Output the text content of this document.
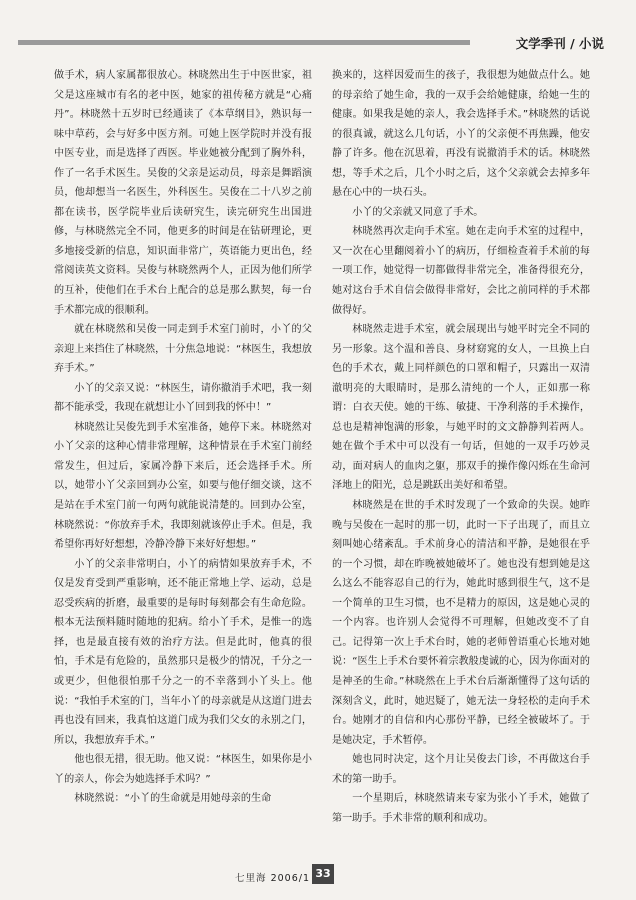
文学季刊 / 小说

做手术，病人家属都很放心。林晓然出生于中医世家，祖父是这座城市有名的老中医，她家的祖传秘方就是“心痛丹”。林晓然十五岁时已经通读了《本草纲目》，熟识每一味中草药，会与好多中医方剂。可她上医学院时并没有报中医专业，而是选择了西医。毕业她被分配到了胸外科，作了一名手术医生。吴俊的父亲是运动员，母亲是舞蹈演员，他却想当一名医生，外科医生。吴俊在二十八岁之前都在读书，医学院毕业后读研究生，读完研究生出国进修，与林晓然完全不同，他更多的时间是在钻研理论，更多地接受新的信息，知识面非常广，英语能力更出色，经常阅读英文资料。吴俊与林晓然两个人，正因为他们所学的互补，使他们在手术台上配合的总是那么默契，每一台手术都完成的很顺利。

就在林晓然和吴俊一同走到手术室门前时，小丫的父亲迎上来挡住了林晓然，十分焦急地说：“林医生，我想放弃手术。”

小丫的父亲又说：“林医生，请你撤消手术吧，我一刻都不能承受，我现在就想让小丫回到我的怀中！”

林晓然让吴俊先到手术室准备，她停下来。林晓然对小丫父亲的这种心情非常理解，这种情景在手术室门前经常发生，但过后，家属冷静下来后，还会选择手术。所以，她带小丫父亲回到办公室，如要与他仔细交谈，这不是站在手术室门前一句两句就能说清楚的。回到办公室，林晓然说：“你放弃手术，我即刻就该停止手术。但是，我希望你再好好想想，冷静冷静下来好好想想。”

小丫的父亲非常明白，小丫的病情如果放弃手术，不仅是发育受到严重影响，还不能正常地上学、运动，总是忍受疾病的折磨，最重要的是每时每刻都会有生命危险。根本无法预料随时随地的犯病。给小丫手术，是惟一的选择，也是最直接有效的治疗方法。但是此时，他真的很怕，手术是有危险的，虽然那只是极少的情况，千分之一或更少，但他很怕那千分之一的不幸落到小丫头上。他说：“我怕手术室的门，当年小丫的母亲就是从这道门进去再也没有回来，我真怕这道门成为我们父女的永别之门，所以，我想放弃手术。”

他也很无措，很无助。他又说：“林医生，如果你是小丫的亲人，你会为她选择手术吗？”

林晓然说：“小丫的生命就是用她母亲的生命

换来的，这样因爱而生的孩子，我很想为她做点什么。她的母亲给了她生命，我的一双手会给她健康，给她一生的健康。如果我是她的亲人，我会选择手术。”林晓然的话说的很真诚，就这么几句话，小丫的父亲便不再焦躁，他安静了许多。他在沉思着，再没有说撤消手术的话。林晓然想，等手术之后，几个小时之后，这个父亲就会去掉多年悬在心中的一块石头。

小丫的父亲就又同意了手术。

林晓然再次走向手术室。她在走向手术室的过程中，又一次在心里翻阅着小丫的病历，仔细检查着手术前的每一项工作，她觉得一切都做得非常完全，准备得很充分，她对这台手术自信会做得非常好，会比之前同样的手术都做得好。

林晓然走进手术室，就会展现出与她平时完全不同的另一形象。这个温和善良、身材窈窕的女人，一旦换上白色的手术衣，戴上同样颜色的口罩和帽子，只露出一双清澈明亮的大眼睛时，是那么清纯的一个人，正如那一称谓：白衣天使。她的干练、敏捷、干净利落的手术操作，总也是精神饱满的形象，与她平时的文文静静判若两人。她在做个手术中可以没有一句话，但她的一双手巧妙灵动，面对病人的血肉之躯，那双手的操作像闪烁在生命河泽地上的阳光，总是跳跃出美好和希望。

林晓然是在世的手术时发现了一个致命的失误。她昨晚与吴俊在一起时的那一切，此时一下子出现了，而且立刻叫她心绪紊乱。手术前身心的清洁和平静，是她很在乎的一个习惯，却在昨晚被她破坏了。她也没有想到她是这么这么不能容忍自己的行为，她此时感到很生气，这不是一个简单的卫生习惯，也不是精力的原因，这是她心灵的一个内容。也许别人会觉得不可理解，但她改变不了自己。记得第一次上手术台时，她的老师曾语重心长地对她说：“医生上手术台要怀着宗教般虔诚的心，因为你面对的是神圣的生命。”林晓然在上手术台后渐渐懂得了这句话的深刻含义，此时，她迟疑了，她无法一身轻松的走向手术台。她刚才的自信和内心那份平静，已经全被破坏了。于是她决定，手术暂停。

她也同时决定，这个月让吴俊去门诊，不再做这台手术的第一助手。

一个星期后，林晓然请来专家为张小丫手术，她做了第一助手。手术非常的顺利和成功。

七里海 2006/1 33
